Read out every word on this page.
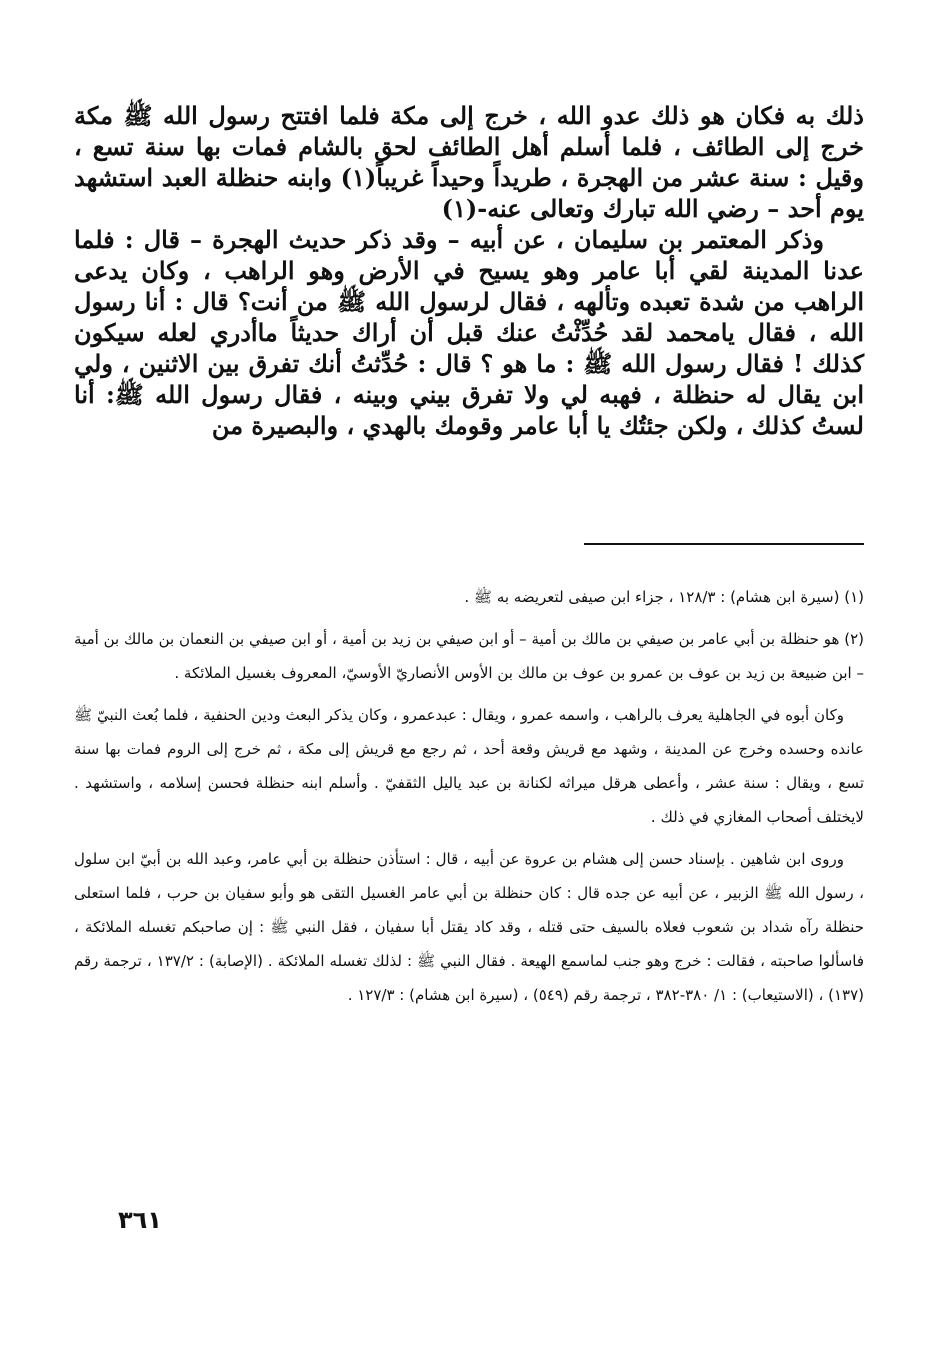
ذلك به فكان هو ذلك عدو الله ، خرج إلى مكة فلما افتتح رسول الله ﷺ مكة خرج إلى الطائف ، فلما أسلم أهل الطائف لحق بالشام فمات بها سنة تسع ، وقيل : سنة عشر من الهجرة ، طريداً وحيداً غريباً(١) وابنه حنظلة العبد استشهد يوم أحد – رضي الله تبارك وتعالى عنه-(١)

وذكر المعتمر بن سليمان ، عن أبيه – وقد ذكر حديث الهجرة – قال : فلما عدنا المدينة لقي أبا عامر وهو يسيح في الأرض وهو الراهب ، وكان يدعى الراهب من شدة تعبده وتألهه ، فقال لرسول الله ﷺ من أنت؟ قال : أنا رسول الله ، فقال يامحمد لقد حُدِّثْتُ عنك قبل أن أراك حديثاً ماأدري لعله سيكون كذلك ! فقال رسول الله ﷺ : ما هو ؟ قال : حُدِّثتُ أنك تفرق بين الاثنين ، ولي ابن يقال له حنظلة ، فهبه لي ولا تفرق بيني وبينه ، فقال رسول الله ﷺ: أنا لستُ كذلك ، ولكن جئتُك يا أبا عامر وقومك بالهدي ، والبصيرة من

(١) (سيرة ابن هشام) : ١٢٨/٣ ، جزاء ابن صيفى لتعريضه به ﷺ .

(٢) هو حنظلة بن أبي عامر بن صيفي بن مالك بن أمية – أو ابن صيفي بن زيد بن أمية ، أو ابن صيفي بن النعمان بن مالك بن أمية – ابن ضبيعة بن زيد بن عوف بن عمرو بن عوف بن مالك بن الأوس الأنصاريّ الأوسيّ، المعروف بغسيل الملائكة .

وكان أبوه في الجاهلية يعرف بالراهب ، واسمه عمرو ، ويقال : عبدعمرو ، وكان يذكر البعث ودين الحنفية ، فلما بُعث النبيّ ﷺ عانده وحسده وخرج عن المدينة ، وشهد مع قريش وقعة أحد ، ثم رجع مع قريش إلى مكة ، ثم خرج إلى الروم فمات بها سنة تسع ، ويقال : سنة عشر ، وأعطى هرقل ميراثه لكنانة بن عبد ياليل الثقفيّ . وأسلم ابنه حنظلة فحسن إسلامه ، واستشهد . لايختلف أصحاب المغازي في ذلك .

وروى ابن شاهين . بإسناد حسن إلى هشام بن عروة عن أبيه ، قال : استأذن حنظلة بن أبي عامر، وعبد الله بن أبيّ ابن سلول ، رسول الله ﷺ الزبير ، عن أبيه عن جده قال : كان حنظلة بن أبي عامر الغسيل التقى هو وأبو سفيان بن حرب ، فلما استعلى حنظلة رآه شداد بن شعوب فعلاه بالسيف حتى قتله ، وقد كاد يقتل أبا سفيان ، فقل النبي ﷺ : إن صاحبكم تغسله الملائكة ، فاسألوا صاحبته ، فقالت : خرج وهو جنب لماسمع الهيعة . فقال النبي ﷺ : لذلك تغسله الملائكة . (الإصابة) : ١٣٧/٢ ، ترجمة رقم (١٣٧) ، (الاستيعاب) : ١/ ٣٨٠-٣٨٢ ، ترجمة رقم (٥٤٩) ، (سيرة ابن هشام) : ١٢٧/٣ .

٣٦١
